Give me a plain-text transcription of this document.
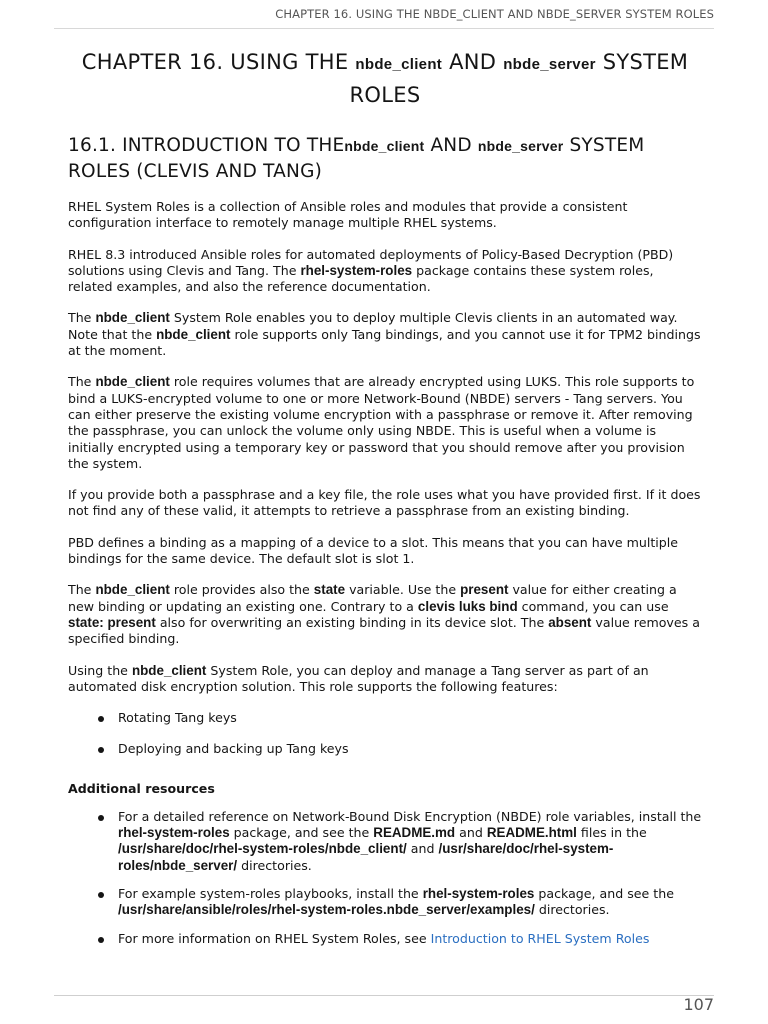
CHAPTER 16. USING THE NBDE_CLIENT AND NBDE_SERVER SYSTEM ROLES
CHAPTER 16. USING THE nbde_client AND nbde_server SYSTEM ROLES
16.1. INTRODUCTION TO THEnbde_client AND nbde_server SYSTEM ROLES (CLEVIS AND TANG)

RHEL System Roles is a collection of Ansible roles and modules that provide a consistent configuration interface to remotely manage multiple RHEL systems.

RHEL 8.3 introduced Ansible roles for automated deployments of Policy-Based Decryption (PBD) solutions using Clevis and Tang. The rhel-system-roles package contains these system roles, related examples, and also the reference documentation.

The nbde_client System Role enables you to deploy multiple Clevis clients in an automated way. Note that the nbde_client role supports only Tang bindings, and you cannot use it for TPM2 bindings at the moment.

The nbde_client role requires volumes that are already encrypted using LUKS. This role supports to bind a LUKS-encrypted volume to one or more Network-Bound (NBDE) servers - Tang servers. You can either preserve the existing volume encryption with a passphrase or remove it. After removing the passphrase, you can unlock the volume only using NBDE. This is useful when a volume is initially encrypted using a temporary key or password that you should remove after you provision the system.

If you provide both a passphrase and a key file, the role uses what you have provided first. If it does not find any of these valid, it attempts to retrieve a passphrase from an existing binding.

PBD defines a binding as a mapping of a device to a slot. This means that you can have multiple bindings for the same device. The default slot is slot 1.

The nbde_client role provides also the state variable. Use the present value for either creating a new binding or updating an existing one. Contrary to a clevis luks bind command, you can use state: present also for overwriting an existing binding in its device slot. The absent value removes a specified binding.

Using the nbde_client System Role, you can deploy and manage a Tang server as part of an automated disk encryption solution. This role supports the following features:

Rotating Tang keys
Deploying and backing up Tang keys
Additional resources
For a detailed reference on Network-Bound Disk Encryption (NBDE) role variables, install the rhel-system-roles package, and see the README.md and README.html files in the /usr/share/doc/rhel-system-roles/nbde_client/ and /usr/share/doc/rhel-system-roles/nbde_server/ directories.
For example system-roles playbooks, install the rhel-system-roles package, and see the /usr/share/ansible/roles/rhel-system-roles.nbde_server/examples/ directories.
For more information on RHEL System Roles, see Introduction to RHEL System Roles
107
